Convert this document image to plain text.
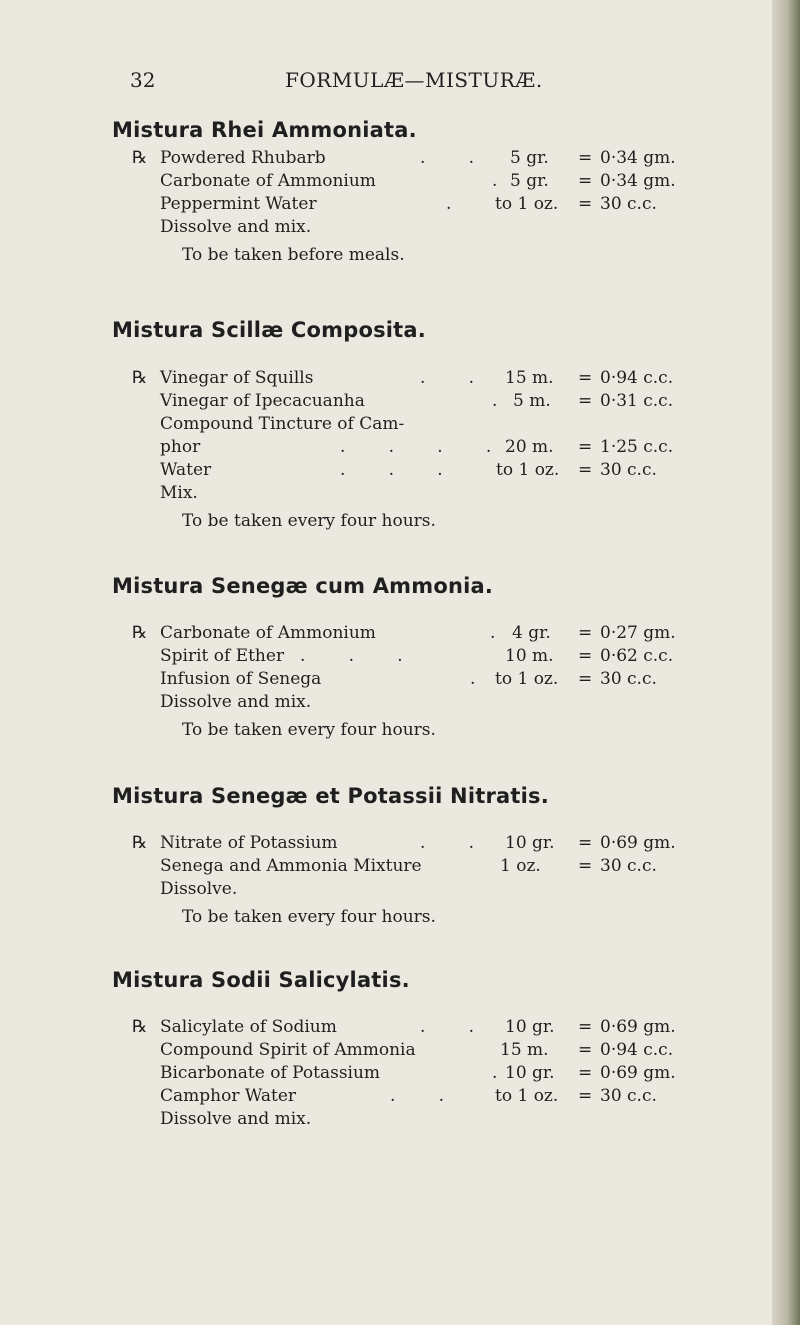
32	FORMULÆ—MISTURÆ.
Mistura Rhei Ammoniata.
℞ Powdered Rhubarb	.        . 5 gr. = 0·34 gm.
Carbonate of Ammonium	. 5 gr. = 0·34 gm.
Peppermint Water	.	to 1 oz. = 30 c.c.
Dissolve and mix.
To be taken before meals.
Mistura Scillæ Composita.
℞ Vinegar of Squills	.        . 15 m. = 0·94 c.c.
Vinegar of Ipecacuanha	. 5 m. = 0·31 c.c.
Compound Tincture of Cam-
phor	.        .        .        . 20 m. = 1·25 c.c.
Water	.        .        .	to 1 oz. = 30 c.c.
Mix.
To be taken every four hours.
Mistura Senegæ cum Ammonia.
℞ Carbonate of Ammonium	. 4 gr. = 0·27 gm.
Spirit of Ether .        .        .	10 m. = 0·62 c.c.
Infusion of Senega	. to 1 oz. = 30 c.c.
Dissolve and mix.
To be taken every four hours.
Mistura Senegæ et Potassii Nitratis.
℞ Nitrate of Potassium	.        . 10 gr. = 0·69 gm.
Senega and Ammonia Mixture	1 oz. = 30 c.c.
Dissolve.
To be taken every four hours.
Mistura Sodii Salicylatis.
℞ Salicylate of Sodium	.        . 10 gr. = 0·69 gm.
Compound Spirit of Ammonia	15 m. = 0·94 c.c.
Bicarbonate of Potassium	. 10 gr. = 0·69 gm.
Camphor Water	.        .	to 1 oz. = 30 c.c.
Dissolve and mix.
